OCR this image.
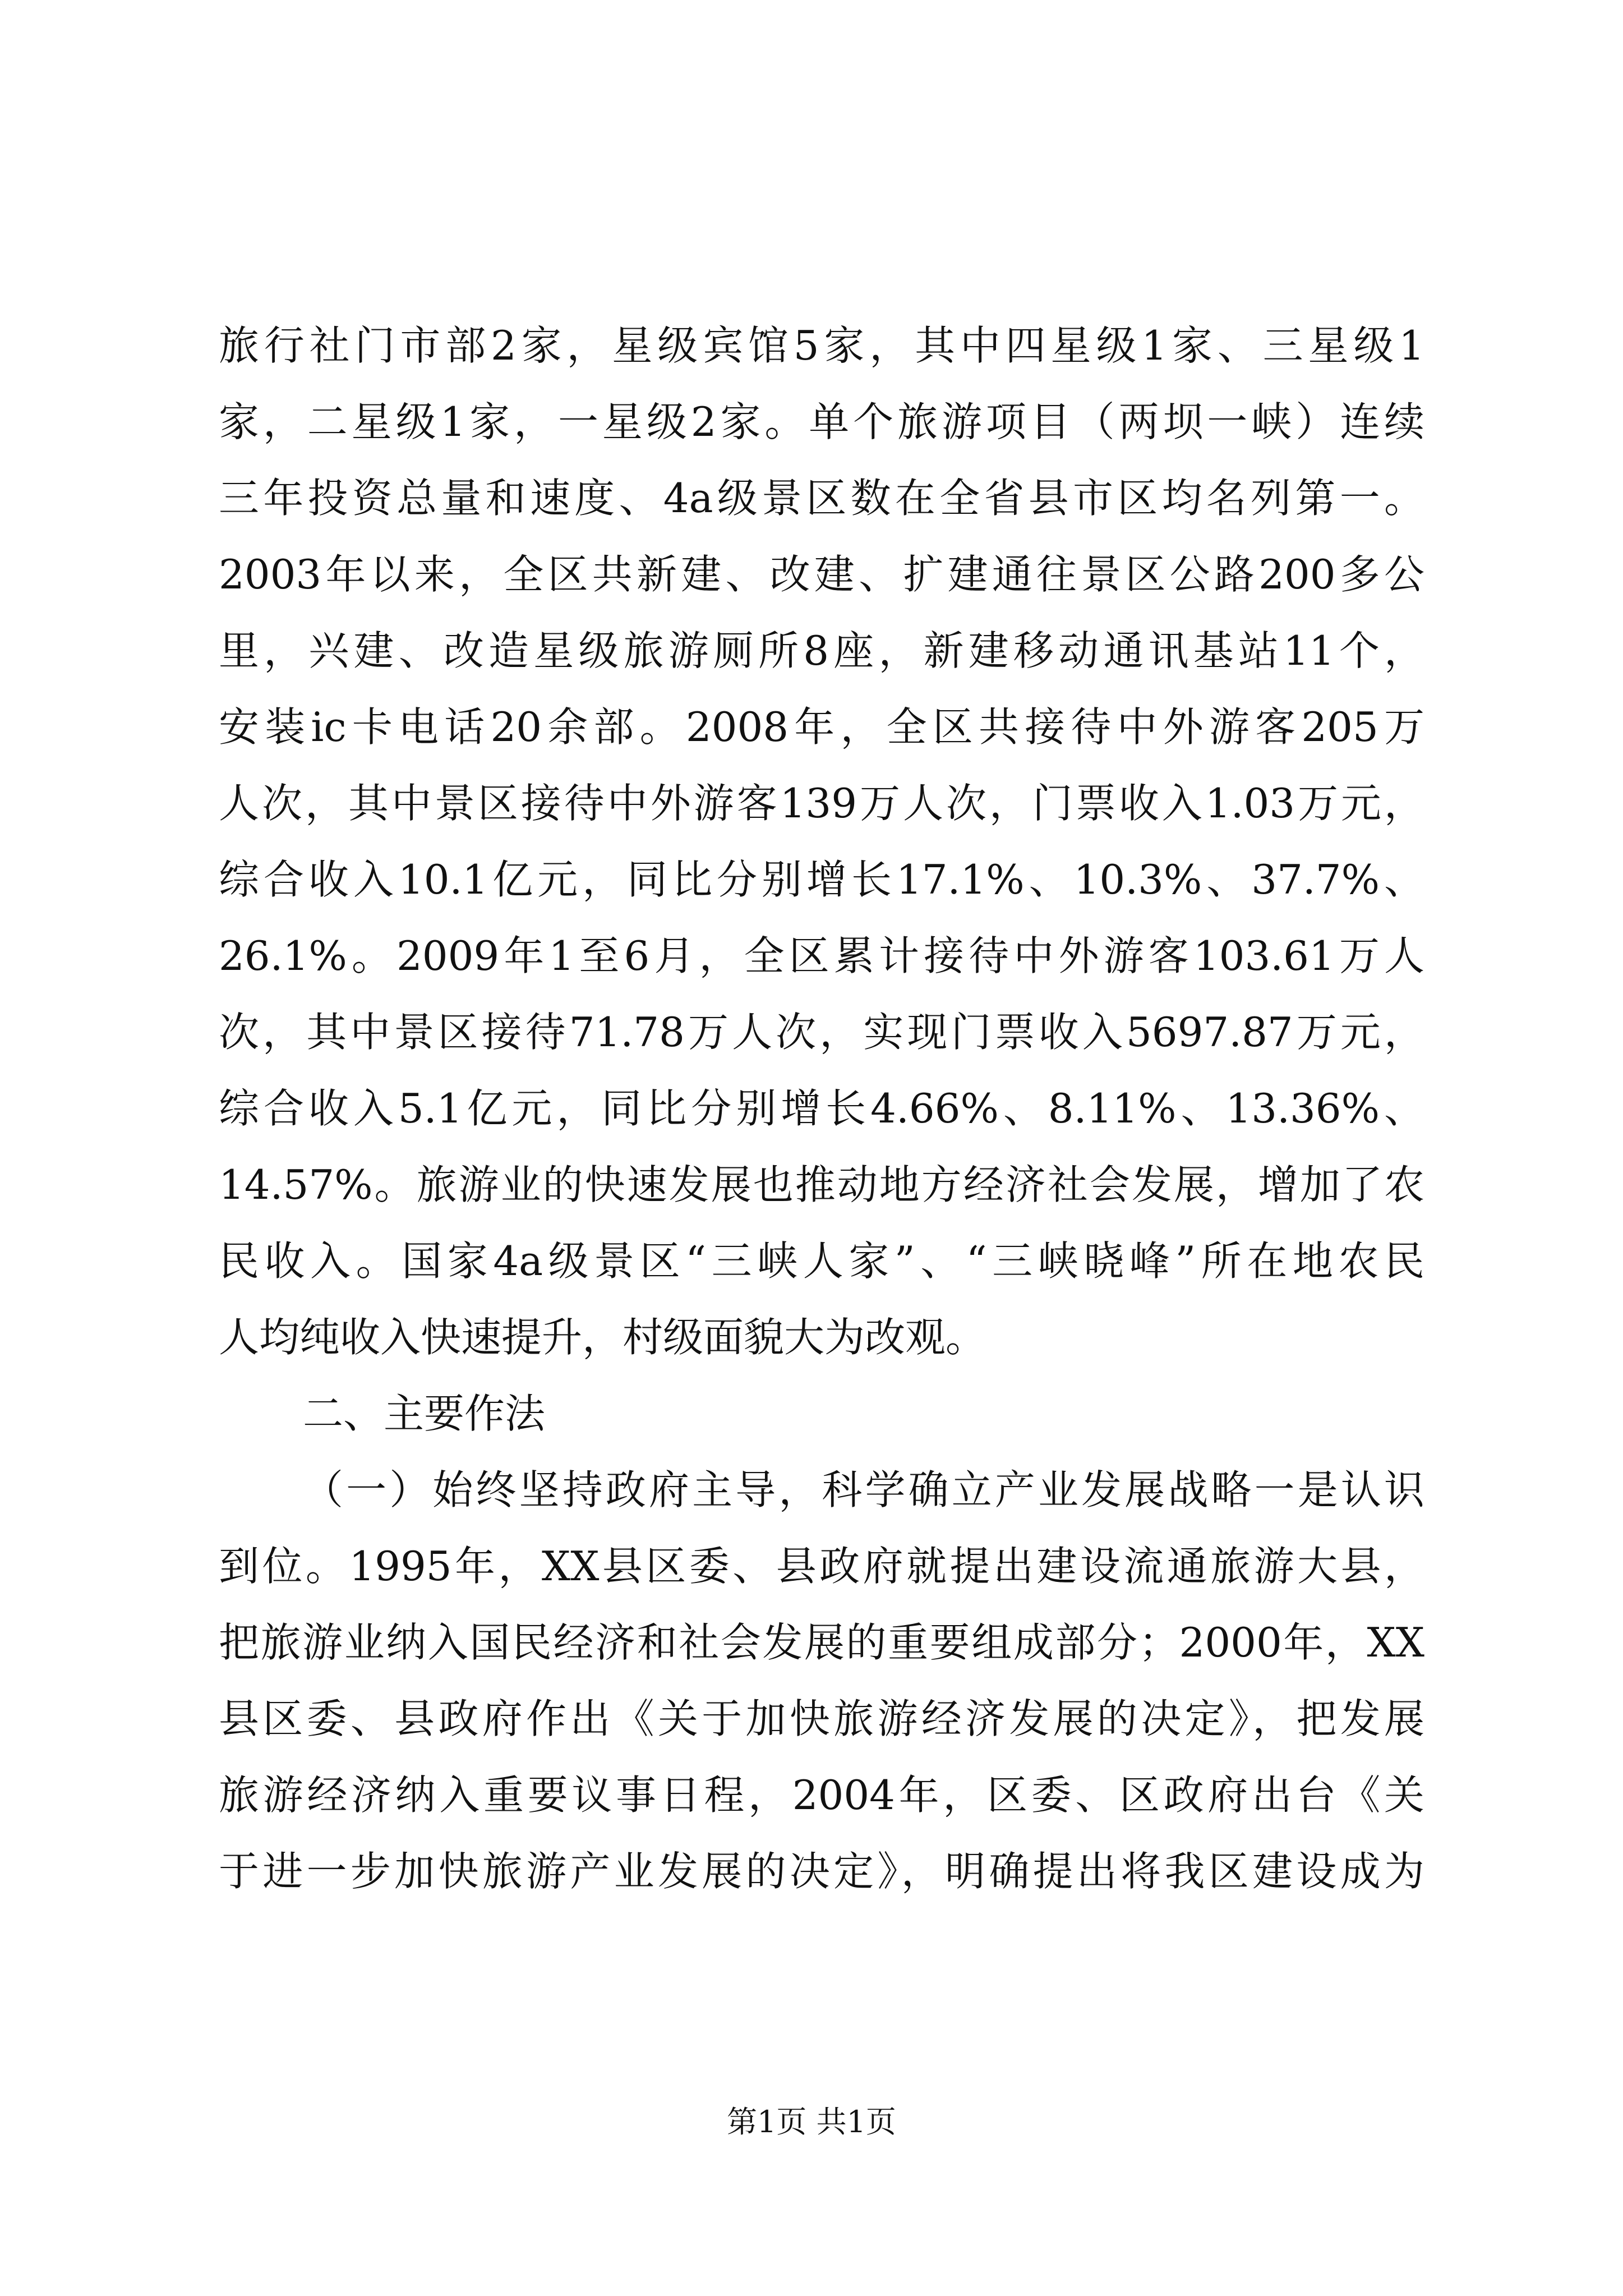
旅行社门市部2家，星级宾馆5家，其中四星级1家、三星级1
家，二星级1家，一星级2家。单个旅游项目（两坝一峡）连续
三年投资总量和速度、4a级景区数在全省县市区均名列第一。
2003年以来，全区共新建、改建、扩建通往景区公路200多公
里，兴建、改造星级旅游厕所8座，新建移动通讯基站11个，
安装ic卡电话20余部。2008年，全区共接待中外游客205万
人次，其中景区接待中外游客139万人次，门票收入1.03万元，
综合收入10.1亿元，同比分别增长17.1%、10.3%、37.7%、
26.1%。2009年1至6月，全区累计接待中外游客103.61万人
次，其中景区接待71.78万人次，实现门票收入5697.87万元，
综合收入5.1亿元，同比分别增长4.66%、8.11%、13.36%、
14.57%。旅游业的快速发展也推动地方经济社会发展，增加了农
民收入。国家4a级景区“三峡人家”、“三峡晓峰”所在地农民
人均纯收入快速提升，村级面貌大为改观。
二、主要作法
（一）始终坚持政府主导，科学确立产业发展战略一是认识
到位。1995年，XX县区委、县政府就提出建设流通旅游大县，
把旅游业纳入国民经济和社会发展的重要组成部分；2000年，XX
县区委、县政府作出《关于加快旅游经济发展的决定》，把发展
旅游经济纳入重要议事日程，2004年，区委、区政府出台《关
于进一步加快旅游产业发展的决定》，明确提出将我区建设成为
第1页 共1页
